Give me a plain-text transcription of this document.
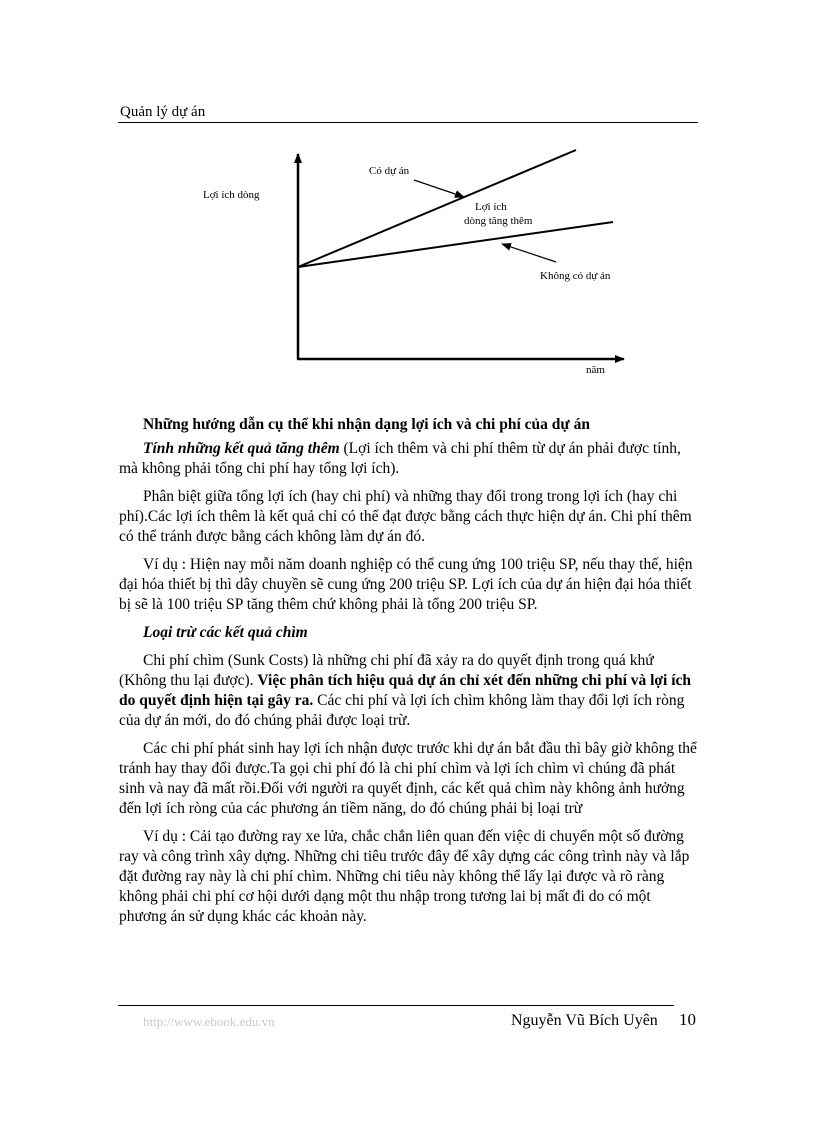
Quản lý dự án
Lợi ích dòng
Có dự án
Lợi ích
dòng tăng thêm
Không có dự án
năm

Những hướng dẫn cụ thể khi nhận dạng lợi ích và chi phí của dự án

Tính những kết quả tăng thêm (Lợi ích thêm và chi phí thêm từ dự án phải được tính, mà không phải tổng chi phí hay tổng lợi ích).

Phân biệt giữa tổng lợi ích (hay chi phí) và những thay đổi trong trong lợi ích (hay chi phí).Các lợi ích thêm là kết quả chỉ có thể đạt được bằng cách thực hiện dự án. Chi phí thêm có thể tránh được bằng cách không làm dự án đó.

Ví dụ : Hiện nay mỗi năm doanh nghiệp có thể cung ứng 100 triệu SP, nếu thay thế, hiện đại hóa thiết bị thì dây chuyền sẽ cung ứng 200 triệu SP. Lợi ích của dự án hiện đại hóa thiết bị sẽ là 100 triệu SP tăng thêm chứ không phải là tổng 200 triệu SP.

Loại trừ các kết quả chìm

Chi phí chìm (Sunk Costs) là những chi phí đã xảy ra do quyết định trong quá khứ (Không thu lại được). Việc phân tích hiệu quả dự án chỉ xét đến những chi phí và lợi ích do quyết định hiện tại gây ra. Các chi phí và lợi ích chìm không làm thay đổi lợi ích ròng của dự án mới, do đó chúng phải được loại trừ.

Các chi phí phát sinh hay lợi ích nhận được trước khi dự án bắt đầu thì bây giờ không thể tránh hay thay đổi được.Ta gọi chi phí đó là chi phí chìm và lợi ích chìm vì chúng đã phát sinh và nay đã mất rồi.Đối với người ra quyết định, các kết quả chìm này không ảnh hưởng đến lợi ích ròng của các phương án tiềm năng, do đó chúng phải bị loại trừ

Ví dụ : Cải tạo đường ray xe lửa, chắc chắn liên quan đến việc di chuyển một số đường ray và công trình xây dựng. Những chi tiêu trước đây để xây dựng các công trình này và lắp đặt đường ray này là chi phí chìm. Những chi tiêu này không thể lấy lại được và rõ ràng không phải chi phí cơ hội dưới dạng một thu nhập trong tương lai bị mất đi do có một phương án sử dụng khác các khoản này.

http://www.ebook.edu.vn	Nguyễn Vũ Bích Uyên 10
